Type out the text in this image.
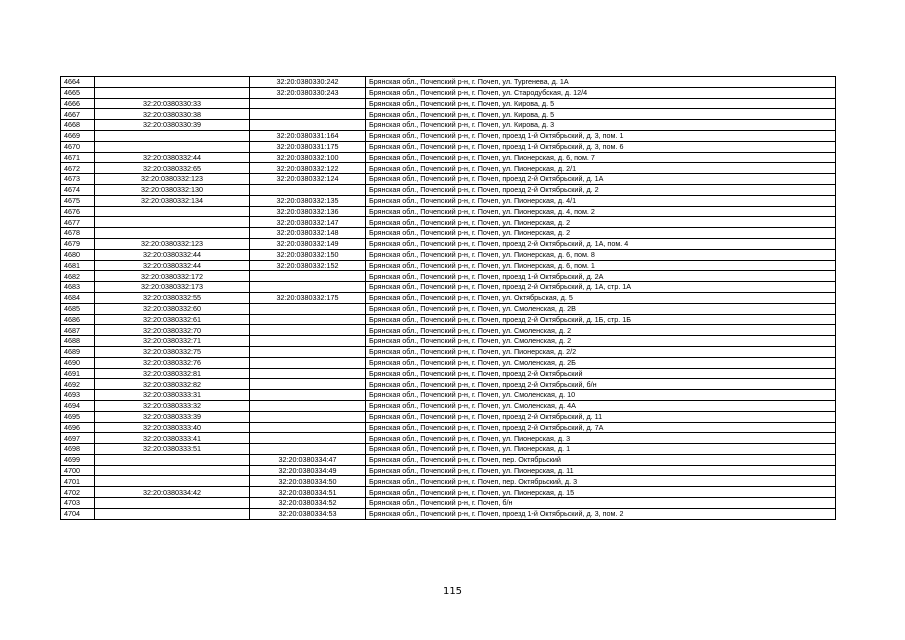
4664		32:20:0380330:242	Брянская обл., Почепский р-н, г. Почеп, ул. Тургенева, д. 1А
4665		32:20:0380330:243	Брянская обл., Почепский р-н, г. Почеп, ул. Стародубская, д. 12/4
4666	32:20:0380330:33		Брянская обл., Почепский р-н, г. Почеп, ул. Кирова, д. 5
4667	32:20:0380330:38		Брянская обл., Почепский р-н, г. Почеп, ул. Кирова, д. 5
4668	32:20:0380330:39		Брянская обл., Почепский р-н, г. Почеп, ул. Кирова, д. 3
4669		32:20:0380331:164	Брянская обл., Почепский р-н, г. Почеп, проезд 1-й Октябрьский, д. 3, пом. 1
4670		32:20:0380331:175	Брянская обл., Почепский р-н, г. Почеп, проезд 1-й Октябрьский, д. 3, пом. 6
4671	32:20:0380332:44	32:20:0380332:100	Брянская обл., Почепский р-н, г. Почеп, ул. Пионерская, д. 6, пом. 7
4672	32:20:0380332:65	32:20:0380332:122	Брянская обл., Почепский р-н, г. Почеп, ул. Пионерская, д. 2/1
4673	32:20:0380332:123	32:20:0380332:124	Брянская обл., Почепский р-н, г. Почеп, проезд 2-й Октябрьский, д. 1А
4674	32:20:0380332:130		Брянская обл., Почепский р-н, г. Почеп, проезд 2-й Октябрьский, д. 2
4675	32:20:0380332:134	32:20:0380332:135	Брянская обл., Почепский р-н, г. Почеп, ул. Пионерская, д. 4/1
4676		32:20:0380332:136	Брянская обл., Почепский р-н, г. Почеп, ул. Пионерская, д. 4, пом. 2
4677		32:20:0380332:147	Брянская обл., Почепский р-н, г. Почеп, ул. Пионерская, д. 2
4678		32:20:0380332:148	Брянская обл., Почепский р-н, г. Почеп, ул. Пионерская, д. 2
4679	32:20:0380332:123	32:20:0380332:149	Брянская обл., Почепский р-н, г. Почеп, проезд 2-й Октябрьский, д. 1А, пом. 4
4680	32:20:0380332:44	32:20:0380332:150	Брянская обл., Почепский р-н, г. Почеп, ул. Пионерская, д. 6, пом. 8
4681	32:20:0380332:44	32:20:0380332:152	Брянская обл., Почепский р-н, г. Почеп, ул. Пионерская, д. 6, пом. 1
4682	32:20:0380332:172		Брянская обл., Почепский р-н, г. Почеп, проезд 1-й Октябрьский, д. 2А
4683	32:20:0380332:173		Брянская обл., Почепский р-н, г. Почеп, проезд 2-й Октябрьский, д. 1А, стр. 1А
4684	32:20:0380332:55	32:20:0380332:175	Брянская обл., Почепский р-н, г. Почеп, ул. Октябрьская, д. 5
4685	32:20:0380332:60		Брянская обл., Почепский р-н, г. Почеп, ул. Смоленская, д. 2В
4686	32:20:0380332:61		Брянская обл., Почепский р-н, г. Почеп, проезд 2-й Октябрьский, д. 1Б, стр. 1Б
4687	32:20:0380332:70		Брянская обл., Почепский р-н, г. Почеп, ул. Смоленская, д. 2
4688	32:20:0380332:71		Брянская обл., Почепский р-н, г. Почеп, ул. Смоленская, д. 2
4689	32:20:0380332:75		Брянская обл., Почепский р-н, г. Почеп, ул. Пионерская, д. 2/2
4690	32:20:0380332:76		Брянская обл., Почепский р-н, г. Почеп, ул. Смоленская, д. 2Б
4691	32:20:0380332:81		Брянская обл., Почепский р-н, г. Почеп, проезд 2-й Октябрьский
4692	32:20:0380332:82		Брянская обл., Почепский р-н, г. Почеп, проезд 2-й Октябрьский, б/н
4693	32:20:0380333:31		Брянская обл., Почепский р-н, г. Почеп, ул. Смоленская, д. 10
4694	32:20:0380333:32		Брянская обл., Почепский р-н, г. Почеп, ул. Смоленская, д. 4А
4695	32:20:0380333:39		Брянская обл., Почепский р-н, г. Почеп, проезд 2-й Октябрьский, д. 11
4696	32:20:0380333:40		Брянская обл., Почепский р-н, г. Почеп, проезд 2-й Октябрьский, д. 7А
4697	32:20:0380333:41		Брянская обл., Почепский р-н, г. Почеп, ул. Пионерская, д. 3
4698	32:20:0380333:51		Брянская обл., Почепский р-н, г. Почеп, ул. Пионерская, д. 1
4699		32:20:0380334:47	Брянская обл., Почепский р-н, г. Почеп, пер. Октябрьский
4700		32:20:0380334:49	Брянская обл., Почепский р-н, г. Почеп, ул. Пионерская, д. 11
4701		32:20:0380334:50	Брянская обл., Почепский р-н, г. Почеп, пер. Октябрьский, д. 3
4702	32:20:0380334:42	32:20:0380334:51	Брянская обл., Почепский р-н, г. Почеп, ул. Пионерская, д. 15
4703		32:20:0380334:52	Брянская обл., Почепский р-н, г. Почеп, б/н
4704		32:20:0380334:53	Брянская обл., Почепский р-н, г. Почеп, проезд 1-й Октябрьский, д. 3, пом. 2
115
